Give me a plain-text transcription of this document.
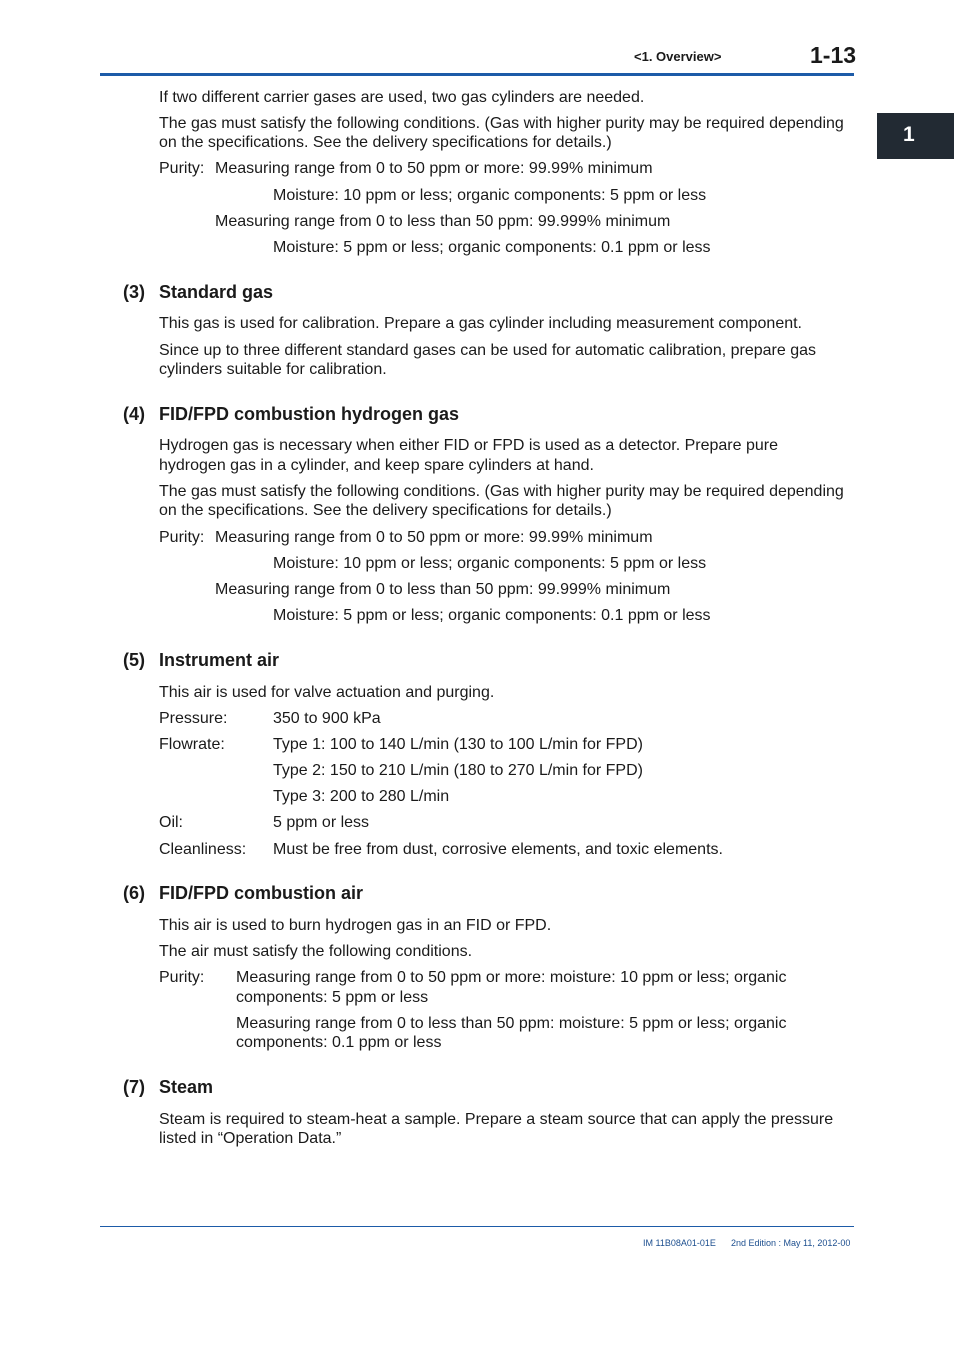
<1. Overview>	1-13
1
If two different carrier gases are used, two gas cylinders are needed.
The gas must satisfy the following conditions. (Gas with higher purity may be required depending
on the specifications. See the delivery specifications for details.)
Purity: Measuring range from 0 to 50 ppm or more: 99.99% minimum
Moisture: 10 ppm or less; organic components: 5 ppm or less
Measuring range from 0 to less than 50 ppm: 99.999% minimum
Moisture: 5 ppm or less; organic components: 0.1 ppm or less
(3) Standard gas
This gas is used for calibration. Prepare a gas cylinder including measurement component.
Since up to three different standard gases can be used for automatic calibration, prepare gas
cylinders suitable for calibration.
(4) FID/FPD combustion hydrogen gas
Hydrogen gas is necessary when either FID or FPD is used as a detector. Prepare pure
hydrogen gas in a cylinder, and keep spare cylinders at hand.
The gas must satisfy the following conditions. (Gas with higher purity may be required depending
on the specifications. See the delivery specifications for details.)
Purity: Measuring range from 0 to 50 ppm or more: 99.99% minimum
Moisture: 10 ppm or less; organic components: 5 ppm or less
Measuring range from 0 to less than 50 ppm: 99.999% minimum
Moisture: 5 ppm or less; organic components: 0.1 ppm or less
(5) Instrument air
This air is used for valve actuation and purging.
Pressure:	350 to 900 kPa
Flowrate:	Type 1: 100 to 140 L/min (130 to 100 L/min for FPD)
Type 2: 150 to 210 L/min (180 to 270 L/min for FPD)
Type 3: 200 to 280 L/min
Oil:	5 ppm or less
Cleanliness: Must be free from dust, corrosive elements, and toxic elements.
(6) FID/FPD combustion air
This air is used to burn hydrogen gas in an FID or FPD.
The air must satisfy the following conditions.
Purity: Measuring range from 0 to 50 ppm or more: moisture: 10 ppm or less; organic
components: 5 ppm or less
Measuring range from 0 to less than 50 ppm: moisture: 5 ppm or less; organic
components: 0.1 ppm or less
(7) Steam
Steam is required to steam-heat a sample. Prepare a steam source that can apply the pressure
listed in “Operation Data.”
IM 11B08A01-01E 2nd Edition : May 11, 2012-00
